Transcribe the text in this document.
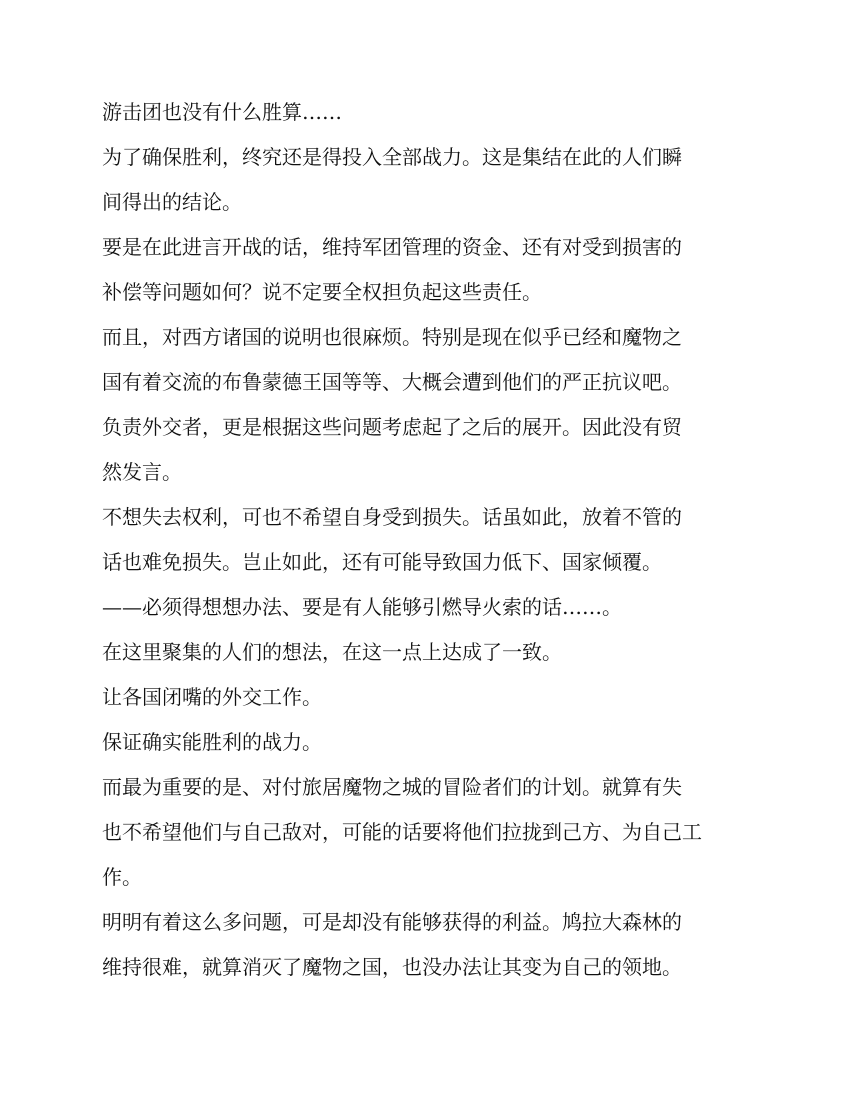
游击团也没有什么胜算……
为了确保胜利，终究还是得投入全部战力。这是集结在此的人们瞬
间得出的结论。
要是在此进言开战的话，维持军团管理的资金、还有对受到损害的
补偿等问题如何？说不定要全权担负起这些责任。
而且，对西方诸国的说明也很麻烦。特别是现在似乎已经和魔物之
国有着交流的布鲁蒙德王国等等、大概会遭到他们的严正抗议吧。
负责外交者，更是根据这些问题考虑起了之后的展开。因此没有贸
然发言。
不想失去权利，可也不希望自身受到损失。话虽如此，放着不管的
话也难免损失。岂止如此，还有可能导致国力低下、国家倾覆。
——必须得想想办法、要是有人能够引燃导火索的话……。
在这里聚集的人们的想法，在这一点上达成了一致。
让各国闭嘴的外交工作。
保证确实能胜利的战力。
而最为重要的是、对付旅居魔物之城的冒险者们的计划。就算有失
也不希望他们与自己敌对，可能的话要将他们拉拢到己方、为自己工
作。
明明有着这么多问题，可是却没有能够获得的利益。鸠拉大森林的
维持很难，就算消灭了魔物之国，也没办法让其变为自己的领地。
